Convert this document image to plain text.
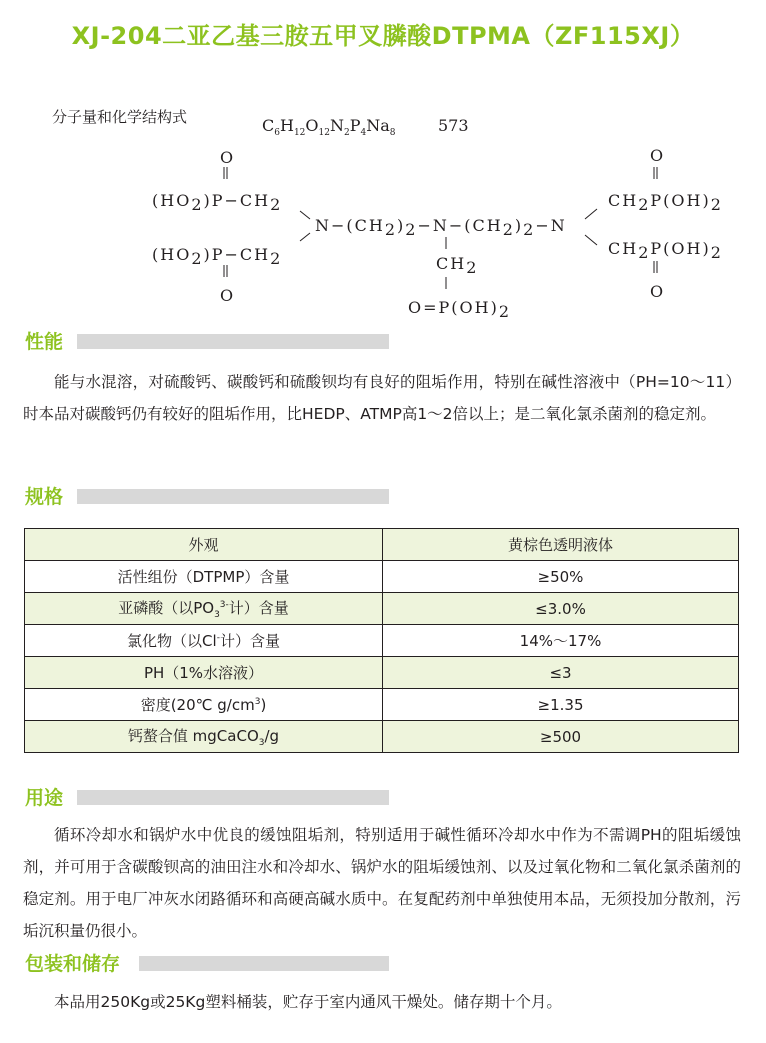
XJ-204二亚乙基三胺五甲叉膦酸DTPMA（ZF115XJ）
分子量和化学结构式	$C_6H_{12}O_{12}N_2P_4Na_8$	573
O
(HO2)P−CH2
(HO2)P−CH2
O
N−(CH2)2−N−(CH2)2−N
CH2
O=P(OH)2
O
CH2P(OH)2
CH2P(OH)2
O
性能
能与水混溶，对硫酸钙、碳酸钙和硫酸钡均有良好的阻垢作用，特别在碱性溶液中（PH=10～11）时本品对碳酸钙仍有较好的阻垢作用，比HEDP、ATMP高1～2倍以上；是二氧化氯杀菌剂的稳定剂。
规格
外观	黄棕色透明液体
活性组份（DTPMP）含量	≥50%
亚磷酸（以$PO_3^{3-}$计）含量	≤3.0%
氯化物（以Cl-计）含量	14%～17%
PH（1%水溶液）	≤3
密度(20℃ $g/cm^3$)	≥1.35
钙螯合值 mgCaCO$_3$/g	≥500
用途
循环冷却水和锅炉水中优良的缓蚀阻垢剂，特别适用于碱性循环冷却水中作为不需调PH的阻垢缓蚀剂，并可用于含碳酸钡高的油田注水和冷却水、锅炉水的阻垢缓蚀剂、以及过氧化物和二氧化氯杀菌剂的稳定剂。用于电厂冲灰水闭路循环和高硬高碱水质中。在复配药剂中单独使用本品，无须投加分散剂，污垢沉积量仍很小。
包装和储存
本品用250Kg或25Kg塑料桶装，贮存于室内通风干燥处。储存期十个月。
